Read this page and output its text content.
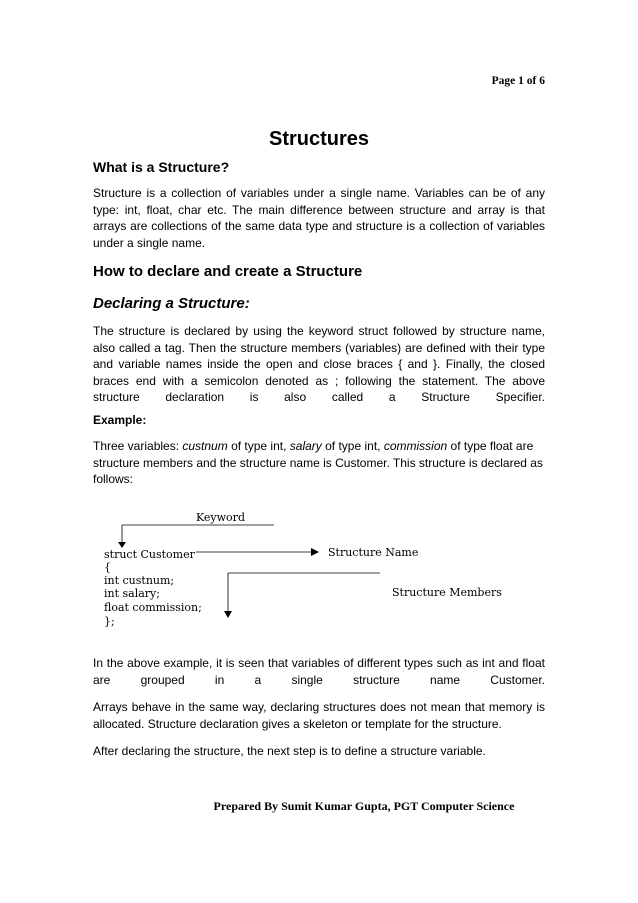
Page 1 of 6
Structures
What is a Structure?
Structure is a collection of variables under a single name. Variables can be of any type: int, float, char etc. The main difference between structure and array is that arrays are collections of the same data type and structure is a collection of variables under a single name.
How to declare and create a Structure
Declaring a Structure:
The structure is declared by using the keyword struct followed by structure name, also called a tag. Then the structure members (variables) are defined with their type and variable names inside the open and close braces { and }. Finally, the closed braces end with a semicolon denoted as ; following the statement. The above structure declaration is also called a Structure Specifier.
Example:
Three variables: custnum of type int, salary of type int, commission of type float are structure members and the structure name is Customer. This structure is declared as follows:
Keyword
struct Customer
{
int custnum;
int salary;
float commission;
};
Structure Name
Structure Members
In the above example, it is seen that variables of different types such as int and float are grouped in a single structure name Customer.
Arrays behave in the same way, declaring structures does not mean that memory is allocated. Structure declaration gives a skeleton or template for the structure.
After declaring the structure, the next step is to define a structure variable.
Prepared By Sumit Kumar Gupta, PGT Computer Science
